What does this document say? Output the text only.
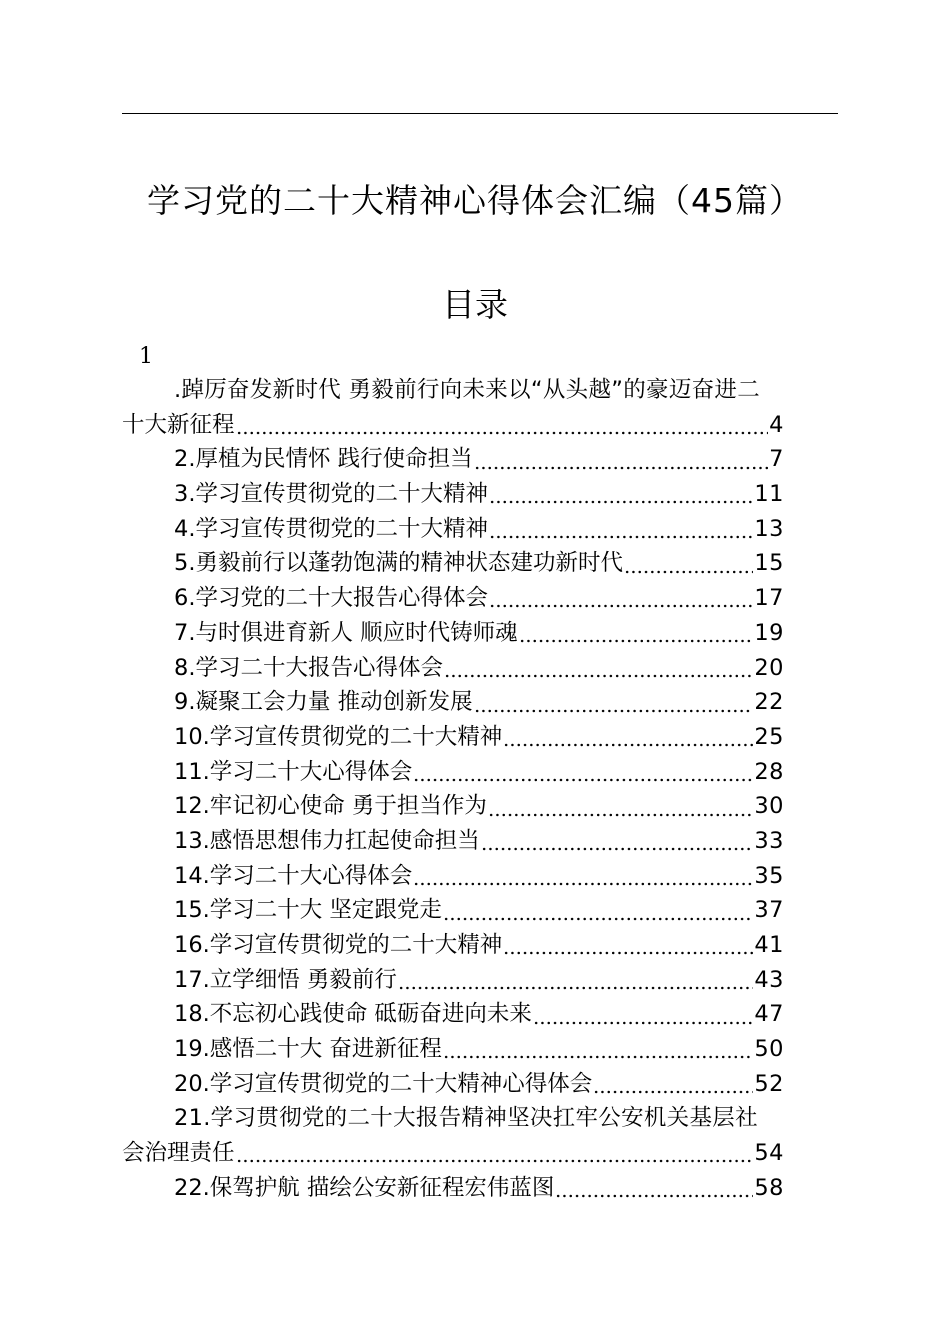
学习党的二十大精神心得体会汇编（45篇）
目录
1
.踔厉奋发新时代 勇毅前行向未来以“从头越”的豪迈奋进二
十大新征程	4
2.厚植为民情怀 践行使命担当	7
3.学习宣传贯彻党的二十大精神	11
4.学习宣传贯彻党的二十大精神	13
5.勇毅前行以蓬勃饱满的精神状态建功新时代	15
6.学习党的二十大报告心得体会	17
7.与时俱进育新人 顺应时代铸师魂	19
8.学习二十大报告心得体会	20
9.凝聚工会力量 推动创新发展	22
10.学习宣传贯彻党的二十大精神	25
11.学习二十大心得体会	28
12.牢记初心使命 勇于担当作为	30
13.感悟思想伟力扛起使命担当	33
14.学习二十大心得体会	35
15.学习二十大 坚定跟党走	37
16.学习宣传贯彻党的二十大精神	41
17.立学细悟 勇毅前行	43
18.不忘初心践使命 砥砺奋进向未来	47
19.感悟二十大 奋进新征程	50
20.学习宣传贯彻党的二十大精神心得体会	52
21.学习贯彻党的二十大报告精神坚决扛牢公安机关基层社
会治理责任	54
22.保驾护航 描绘公安新征程宏伟蓝图	58
